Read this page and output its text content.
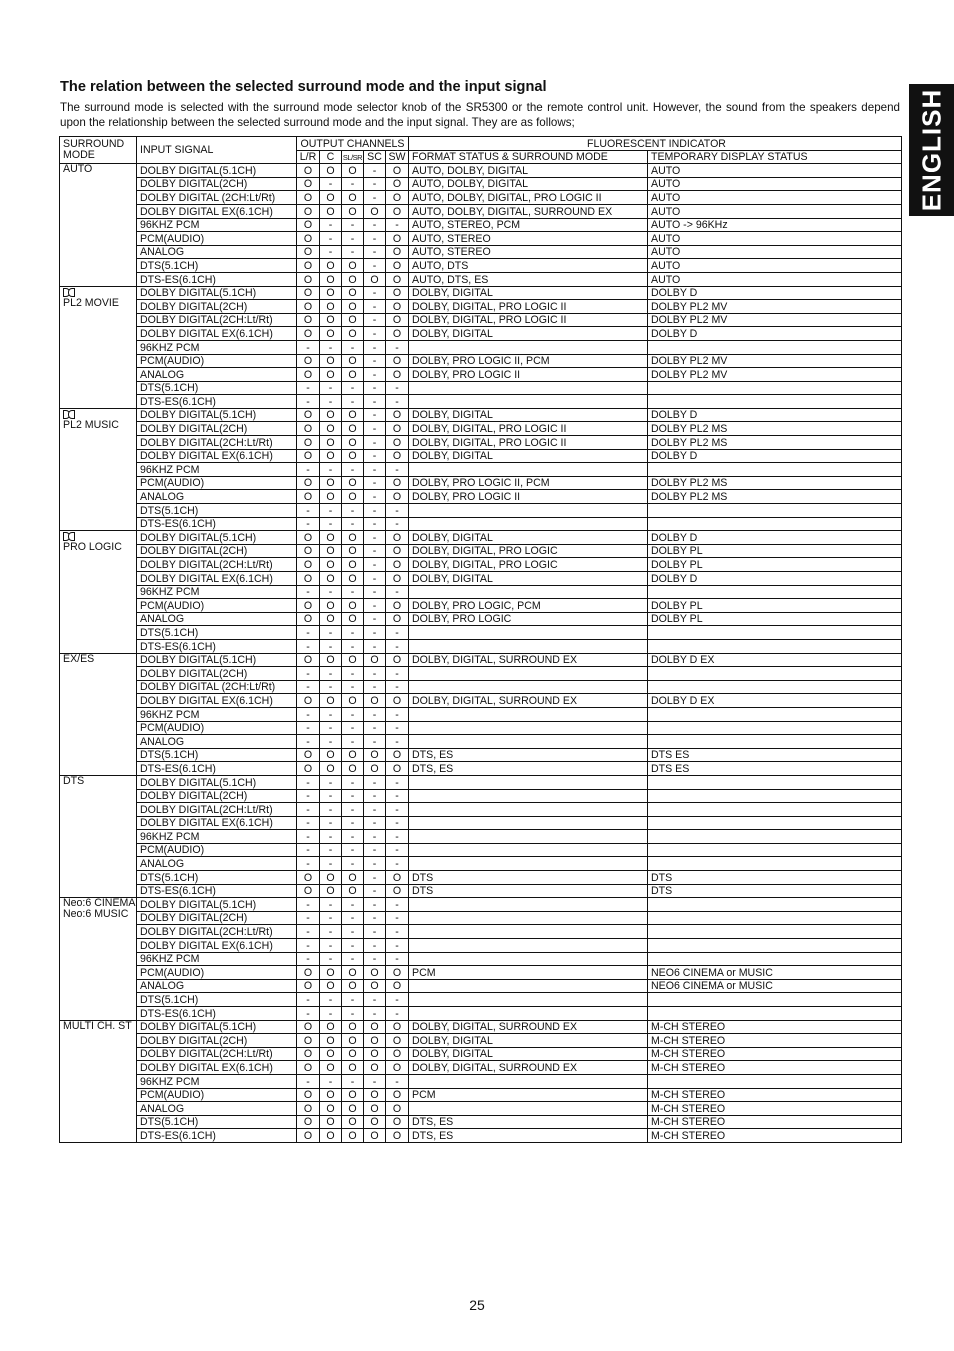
ENGLISH
The relation between the selected surround mode and the input signal
The surround mode is selected with the surround mode selector knob of the SR5300 or the remote control unit. However, the sound from the speakers depend upon the relationship between the selected surround mode and the input signal. They are as follows;
SURROUND MODE	INPUT SIGNAL	OUTPUT CHANNELS					FLUORESCENT INDICATOR	
		L/R	C	SL/SR	SC	SW	FORMAT STATUS & SURROUND MODE	TEMPORARY DISPLAY STATUS

AUTO	DOLBY DIGITAL(5.1CH)	O	O	O	-	O	AUTO, DOLBY, DIGITAL	AUTO
	DOLBY DIGITAL(2CH)	O	-	-	-	O	AUTO, DOLBY, DIGITAL	AUTO
	DOLBY DIGITAL (2CH:Lt/Rt)	O	O	O	-	O	AUTO, DOLBY, DIGITAL, PRO LOGIC II	AUTO
	DOLBY DIGITAL EX(6.1CH)	O	O	O	O	O	AUTO, DOLBY, DIGITAL, SURROUND EX	AUTO
	96KHZ PCM	O	-	-	-	-	AUTO, STEREO, PCM	AUTO -> 96KHz
	PCM(AUDIO)	O	-	-	-	O	AUTO, STEREO	AUTO
	ANALOG	O	-	-	-	O	AUTO, STEREO	AUTO
	DTS(5.1CH)	O	O	O	-	O	AUTO, DTS	AUTO
	DTS-ES(6.1CH)	O	O	O	O	O	AUTO, DTS, ES	AUTO

PL2 MOVIE	DOLBY DIGITAL(5.1CH)	O	O	O	-	O	DOLBY, DIGITAL	DOLBY D
	DOLBY DIGITAL(2CH)	O	O	O	-	O	DOLBY, DIGITAL, PRO LOGIC II	DOLBY PL2 MV
	DOLBY DIGITAL(2CH:Lt/Rt)	O	O	O	-	O	DOLBY, DIGITAL, PRO LOGIC II	DOLBY PL2 MV
	DOLBY DIGITAL EX(6.1CH)	O	O	O	-	O	DOLBY, DIGITAL	DOLBY D
	96KHZ PCM	-	-	-	-	-		
	PCM(AUDIO)	O	O	O	-	O	DOLBY, PRO LOGIC II, PCM	DOLBY PL2 MV
	ANALOG	O	O	O	-	O	DOLBY, PRO LOGIC II	DOLBY PL2 MV
	DTS(5.1CH)	-	-	-	-	-		
	DTS-ES(6.1CH)	-	-	-	-	-		

PL2 MUSIC	DOLBY DIGITAL(5.1CH)	O	O	O	-	O	DOLBY, DIGITAL	DOLBY D
	DOLBY DIGITAL(2CH)	O	O	O	-	O	DOLBY, DIGITAL, PRO LOGIC II	DOLBY PL2 MS
	DOLBY DIGITAL(2CH:Lt/Rt)	O	O	O	-	O	DOLBY, DIGITAL, PRO LOGIC II	DOLBY PL2 MS
	DOLBY DIGITAL EX(6.1CH)	O	O	O	-	O	DOLBY, DIGITAL	DOLBY D
	96KHZ PCM	-	-	-	-	-		
	PCM(AUDIO)	O	O	O	-	O	DOLBY, PRO LOGIC II, PCM	DOLBY PL2 MS
	ANALOG	O	O	O	-	O	DOLBY, PRO LOGIC II	DOLBY PL2 MS
	DTS(5.1CH)	-	-	-	-	-		
	DTS-ES(6.1CH)	-	-	-	-	-		

PRO LOGIC	DOLBY DIGITAL(5.1CH)	O	O	O	-	O	DOLBY, DIGITAL	DOLBY D
	DOLBY DIGITAL(2CH)	O	O	O	-	O	DOLBY, DIGITAL, PRO LOGIC	DOLBY PL
	DOLBY DIGITAL(2CH:Lt/Rt)	O	O	O	-	O	DOLBY, DIGITAL, PRO LOGIC	DOLBY PL
	DOLBY DIGITAL EX(6.1CH)	O	O	O	-	O	DOLBY, DIGITAL	DOLBY D
	96KHZ PCM	-	-	-	-	-		
	PCM(AUDIO)	O	O	O	-	O	DOLBY, PRO LOGIC, PCM	DOLBY PL
	ANALOG	O	O	O	-	O	DOLBY, PRO LOGIC	DOLBY PL
	DTS(5.1CH)	-	-	-	-	-		
	DTS-ES(6.1CH)	-	-	-	-	-		

EX/ES	DOLBY DIGITAL(5.1CH)	O	O	O	O	O	DOLBY, DIGITAL, SURROUND EX	DOLBY D EX
	DOLBY DIGITAL(2CH)	-	-	-	-	-		
	DOLBY DIGITAL (2CH:Lt/Rt)	-	-	-	-	-		
	DOLBY DIGITAL EX(6.1CH)	O	O	O	O	O	DOLBY, DIGITAL, SURROUND EX	DOLBY D EX
	96KHZ PCM	-	-	-	-	-		
	PCM(AUDIO)	-	-	-	-	-		
	ANALOG	-	-	-	-	-		
	DTS(5.1CH)	O	O	O	O	O	DTS, ES	DTS ES
	DTS-ES(6.1CH)	O	O	O	O	O	DTS, ES	DTS ES

DTS	DOLBY DIGITAL(5.1CH)	-	-	-	-	-		
	DOLBY DIGITAL(2CH)	-	-	-	-	-		
	DOLBY DIGITAL(2CH:Lt/Rt)	-	-	-	-	-		
	DOLBY DIGITAL EX(6.1CH)	-	-	-	-	-		
	96KHZ PCM	-	-	-	-	-		
	PCM(AUDIO)	-	-	-	-	-		
	ANALOG	-	-	-	-	-		
	DTS(5.1CH)	O	O	O	-	O	DTS	DTS
	DTS-ES(6.1CH)	O	O	O	-	O	DTS	DTS

Neo:6 CINEMA
Neo:6 MUSIC	DOLBY DIGITAL(5.1CH)	-	-	-	-	-		
	DOLBY DIGITAL(2CH)	-	-	-	-	-		
	DOLBY DIGITAL(2CH:Lt/Rt)	-	-	-	-	-		
	DOLBY DIGITAL EX(6.1CH)	-	-	-	-	-		
	96KHZ PCM	-	-	-	-	-		
	PCM(AUDIO)	O	O	O	O	O	PCM	NEO6 CINEMA or MUSIC
	ANALOG	O	O	O	O	O		NEO6 CINEMA or MUSIC
	DTS(5.1CH)	-	-	-	-	-		
	DTS-ES(6.1CH)	-	-	-	-	-		

MULTI CH. ST	DOLBY DIGITAL(5.1CH)	O	O	O	O	O	DOLBY, DIGITAL, SURROUND EX	M-CH STEREO
	DOLBY DIGITAL(2CH)	O	O	O	O	O	DOLBY, DIGITAL	M-CH STEREO
	DOLBY DIGITAL(2CH:Lt/Rt)	O	O	O	O	O	DOLBY, DIGITAL	M-CH STEREO
	DOLBY DIGITAL EX(6.1CH)	O	O	O	O	O	DOLBY, DIGITAL, SURROUND EX	M-CH STEREO
	96KHZ PCM	-	-	-	-	-		
	PCM(AUDIO)	O	O	O	O	O	PCM	M-CH STEREO
	ANALOG	O	O	O	O	O		M-CH STEREO
	DTS(5.1CH)	O	O	O	O	O	DTS, ES	M-CH STEREO
	DTS-ES(6.1CH)	O	O	O	O	O	DTS, ES	M-CH STEREO
25
